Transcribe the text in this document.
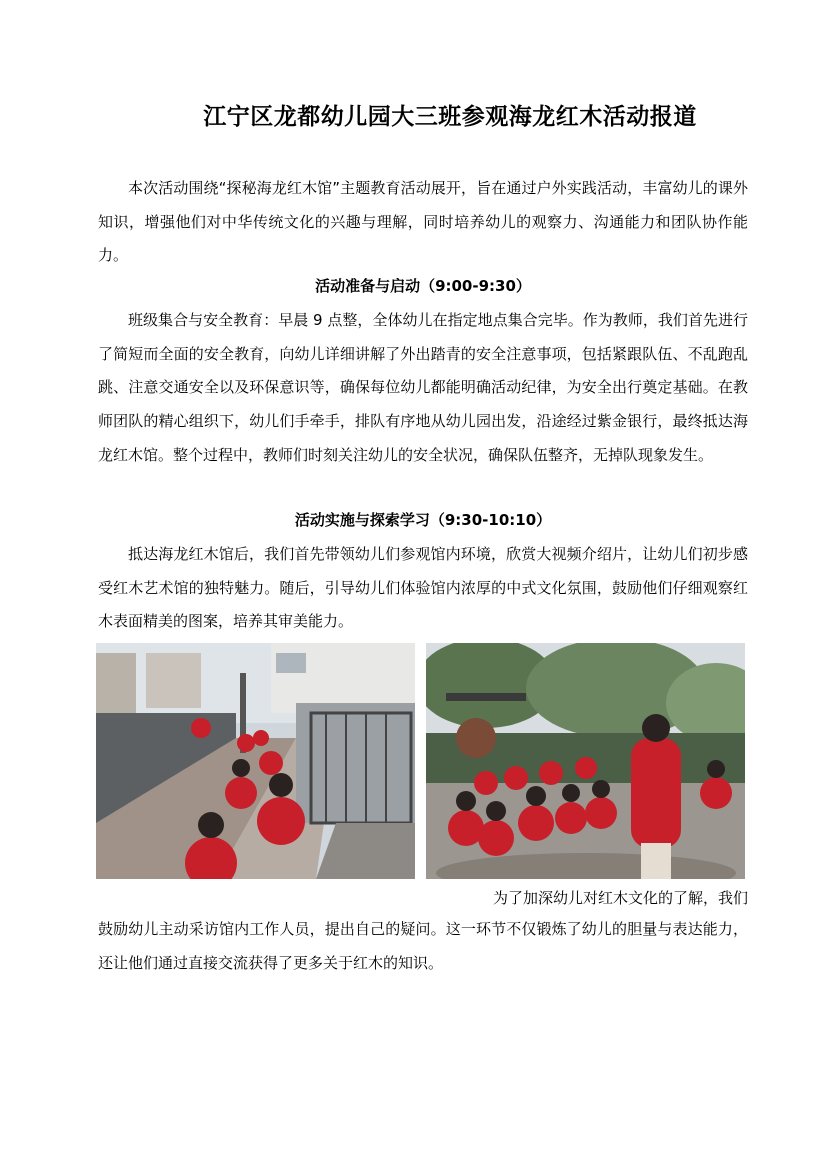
江宁区龙都幼儿园大三班参观海龙红木活动报道

本次活动围绕“探秘海龙红木馆”主题教育活动展开，旨在通过户外实践活动，丰富幼儿的课外知识，增强他们对中华传统文化的兴趣与理解，同时培养幼儿的观察力、沟通能力和团队协作能力。

活动准备与启动（9:00-9:30）

班级集合与安全教育：早晨 9 点整，全体幼儿在指定地点集合完毕。作为教师，我们首先进行了简短而全面的安全教育，向幼儿详细讲解了外出踏青的安全注意事项，包括紧跟队伍、不乱跑乱跳、注意交通安全以及环保意识等，确保每位幼儿都能明确活动纪律，为安全出行奠定基础。在教师团队的精心组织下，幼儿们手牵手，排队有序地从幼儿园出发，沿途经过紫金银行，最终抵达海龙红木馆。整个过程中，教师们时刻关注幼儿的安全状况，确保队伍整齐，无掉队现象发生。

活动实施与探索学习（9:30-10:10）

抵达海龙红木馆后，我们首先带领幼儿们参观馆内环境，欣赏大视频介绍片，让幼儿们初步感受红木艺术馆的独特魅力。随后，引导幼儿们体验馆内浓厚的中式文化氛围，鼓励他们仔细观察红木表面精美的图案，培养其审美能力。

为了加深幼儿对红木文化的了解，我们

鼓励幼儿主动采访馆内工作人员，提出自己的疑问。这一环节不仅锻炼了幼儿的胆量与表达能力，还让他们通过直接交流获得了更多关于红木的知识。
